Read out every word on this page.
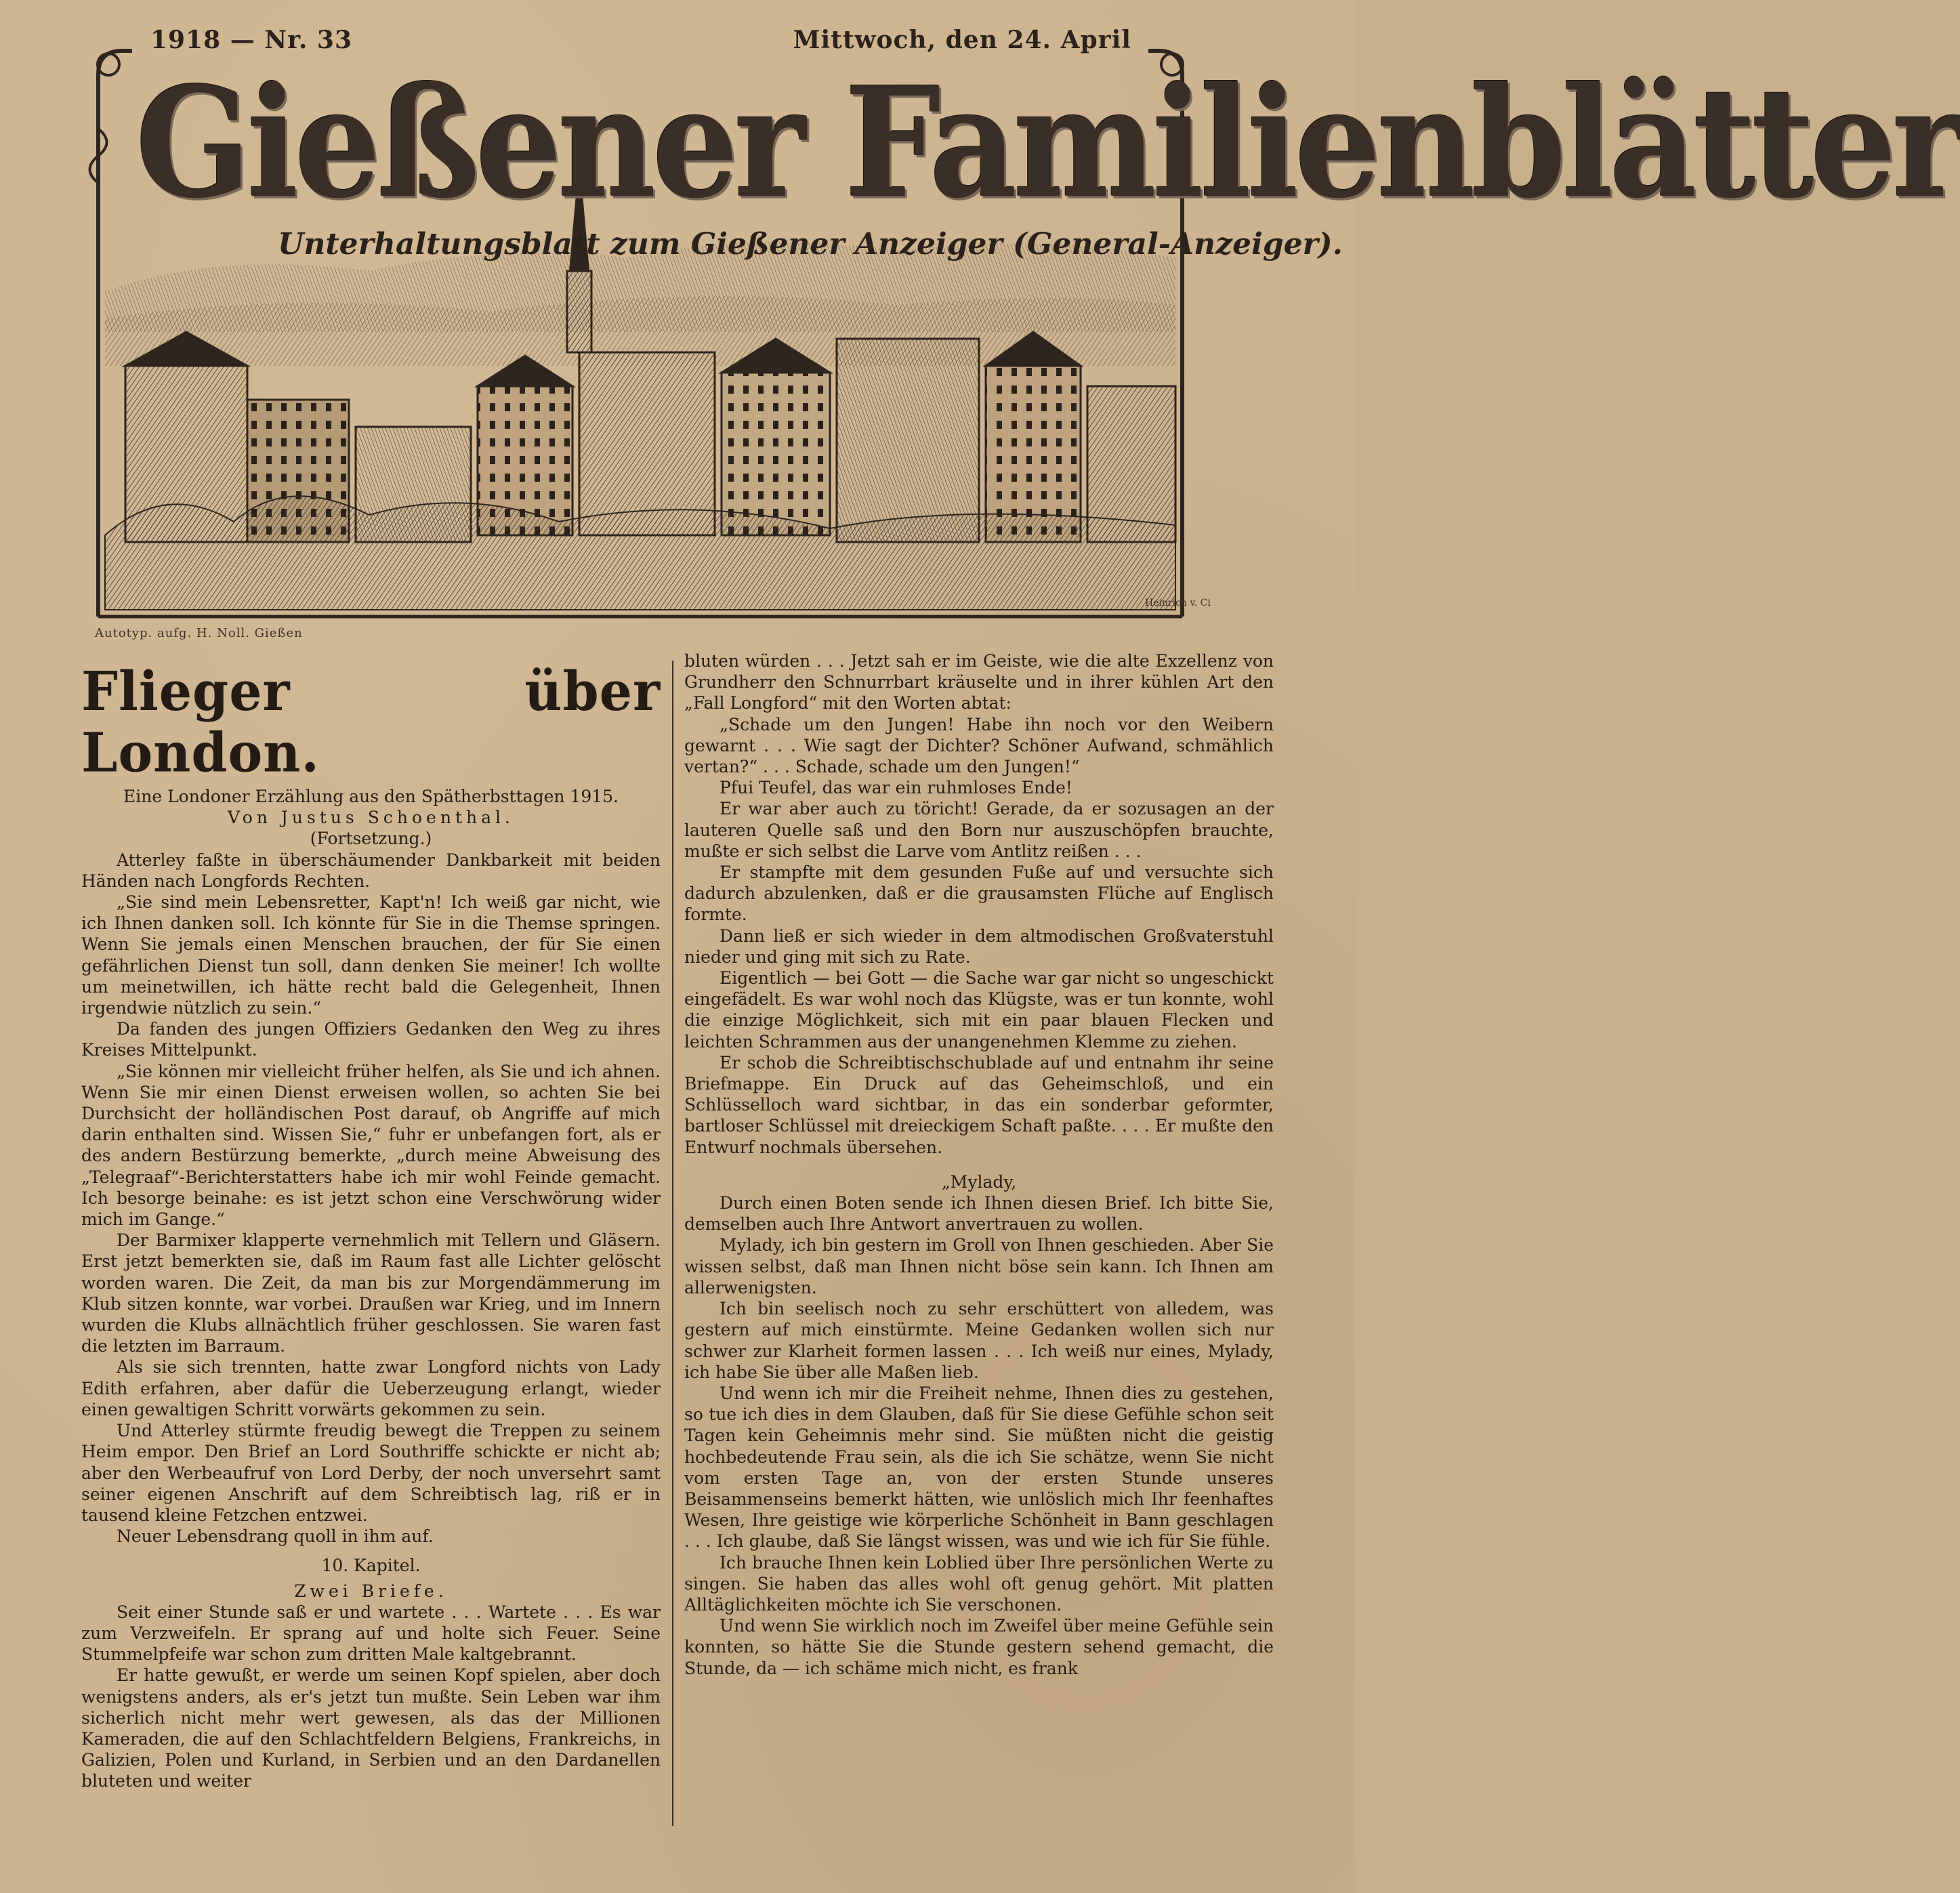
1918 — Nr. 33	Mittwoch, den 24. April
Gießener Familienblätter
Unterhaltungsblatt zum Gießener Anzeiger (General-Anzeiger).
Autotyp. aufg. H. Noll. Gießen
Heinrich v. Ci

Flieger über London.

Eine Londoner Erzählung aus den Spätherbsttagen 1915.

Von Justus Schoenthal.

(Fortsetzung.)

Atterley faßte in überschäumender Dankbarkeit mit beiden Händen nach Longfords Rechten.

„Sie sind mein Lebensretter, Kapt'n! Ich weiß gar nicht, wie ich Ihnen danken soll. Ich könnte für Sie in die Themse springen. Wenn Sie jemals einen Menschen brauchen, der für Sie einen gefährlichen Dienst tun soll, dann denken Sie meiner! Ich wollte um meinetwillen, ich hätte recht bald die Gelegenheit, Ihnen irgendwie nützlich zu sein.“

Da fanden des jungen Offiziers Gedanken den Weg zu ihres Kreises Mittelpunkt.

„Sie können mir vielleicht früher helfen, als Sie und ich ahnen. Wenn Sie mir einen Dienst erweisen wollen, so achten Sie bei Durchsicht der holländischen Post darauf, ob Angriffe auf mich darin enthalten sind. Wissen Sie,“ fuhr er unbefangen fort, als er des andern Bestürzung bemerkte, „durch meine Abweisung des „Telegraaf“-Berichterstatters habe ich mir wohl Feinde gemacht. Ich besorge beinahe: es ist jetzt schon eine Verschwörung wider mich im Gange.“

Der Barmixer klapperte vernehmlich mit Tellern und Gläsern. Erst jetzt bemerkten sie, daß im Raum fast alle Lichter gelöscht worden waren. Die Zeit, da man bis zur Morgendämmerung im Klub sitzen konnte, war vorbei. Draußen war Krieg, und im Innern wurden die Klubs allnächtlich früher geschlossen. Sie waren fast die letzten im Barraum.

Als sie sich trennten, hatte zwar Longford nichts von Lady Edith erfahren, aber dafür die Ueberzeugung erlangt, wieder einen gewaltigen Schritt vorwärts gekommen zu sein.

Und Atterley stürmte freudig bewegt die Treppen zu seinem Heim empor. Den Brief an Lord Southriffe schickte er nicht ab; aber den Werbeaufruf von Lord Derby, der noch unversehrt samt seiner eigenen Anschrift auf dem Schreibtisch lag, riß er in tausend kleine Fetzchen entzwei.

Neuer Lebensdrang quoll in ihm auf.

10. Kapitel.

Zwei Briefe.

Seit einer Stunde saß er und wartete . . . Wartete . . . Es war zum Verzweifeln. Er sprang auf und holte sich Feuer. Seine Stummelpfeife war schon zum dritten Male kaltgebrannt.

Er hatte gewußt, er werde um seinen Kopf spielen, aber doch wenigstens anders, als er's jetzt tun mußte. Sein Leben war ihm sicherlich nicht mehr wert gewesen, als das der Millionen Kameraden, die auf den Schlachtfeldern Belgiens, Frankreichs, in Galizien, Polen und Kurland, in Serbien und an den Dardanellen bluteten und weiter

bluten würden . . . Jetzt sah er im Geiste, wie die alte Exzellenz von Grundherr den Schnurrbart kräuselte und in ihrer kühlen Art den „Fall Longford“ mit den Worten abtat:

„Schade um den Jungen! Habe ihn noch vor den Weibern gewarnt . . . Wie sagt der Dichter? Schöner Aufwand, schmählich vertan?“ . . . Schade, schade um den Jungen!“

Pfui Teufel, das war ein ruhmloses Ende!

Er war aber auch zu töricht! Gerade, da er sozusagen an der lauteren Quelle saß und den Born nur auszuschöpfen brauchte, mußte er sich selbst die Larve vom Antlitz reißen . . .

Er stampfte mit dem gesunden Fuße auf und versuchte sich dadurch abzulenken, daß er die grausamsten Flüche auf Englisch formte.

Dann ließ er sich wieder in dem altmodischen Großvaterstuhl nieder und ging mit sich zu Rate.

Eigentlich — bei Gott — die Sache war gar nicht so ungeschickt eingefädelt. Es war wohl noch das Klügste, was er tun konnte, wohl die einzige Möglichkeit, sich mit ein paar blauen Flecken und leichten Schrammen aus der unangenehmen Klemme zu ziehen.

Er schob die Schreibtischschublade auf und entnahm ihr seine Briefmappe. Ein Druck auf das Geheimschloß, und ein Schlüsselloch ward sichtbar, in das ein sonderbar geformter, bartloser Schlüssel mit dreieckigem Schaft paßte. . . . Er mußte den Entwurf nochmals übersehen.

„Mylady,

Durch einen Boten sende ich Ihnen diesen Brief. Ich bitte Sie, demselben auch Ihre Antwort anvertrauen zu wollen.

Mylady, ich bin gestern im Groll von Ihnen geschieden. Aber Sie wissen selbst, daß man Ihnen nicht böse sein kann. Ich Ihnen am allerwenigsten.

Ich bin seelisch noch zu sehr erschüttert von alledem, was gestern auf mich einstürmte. Meine Gedanken wollen sich nur schwer zur Klarheit formen lassen . . . Ich weiß nur eines, Mylady, ich habe Sie über alle Maßen lieb.

Und wenn ich mir die Freiheit nehme, Ihnen dies zu gestehen, so tue ich dies in dem Glauben, daß für Sie diese Gefühle schon seit Tagen kein Geheimnis mehr sind. Sie müßten nicht die geistig hochbedeutende Frau sein, als die ich Sie schätze, wenn Sie nicht vom ersten Tage an, von der ersten Stunde unseres Beisammenseins bemerkt hätten, wie unlöslich mich Ihr feenhaftes Wesen, Ihre geistige wie körperliche Schönheit in Bann geschlagen . . . Ich glaube, daß Sie längst wissen, was und wie ich für Sie fühle.

Ich brauche Ihnen kein Loblied über Ihre persönlichen Werte zu singen. Sie haben das alles wohl oft genug gehört. Mit platten Alltäglichkeiten möchte ich Sie verschonen.

Und wenn Sie wirklich noch im Zweifel über meine Gefühle sein konnten, so hätte Sie die Stunde gestern sehend gemacht, die Stunde, da — ich schäme mich nicht, es frank
